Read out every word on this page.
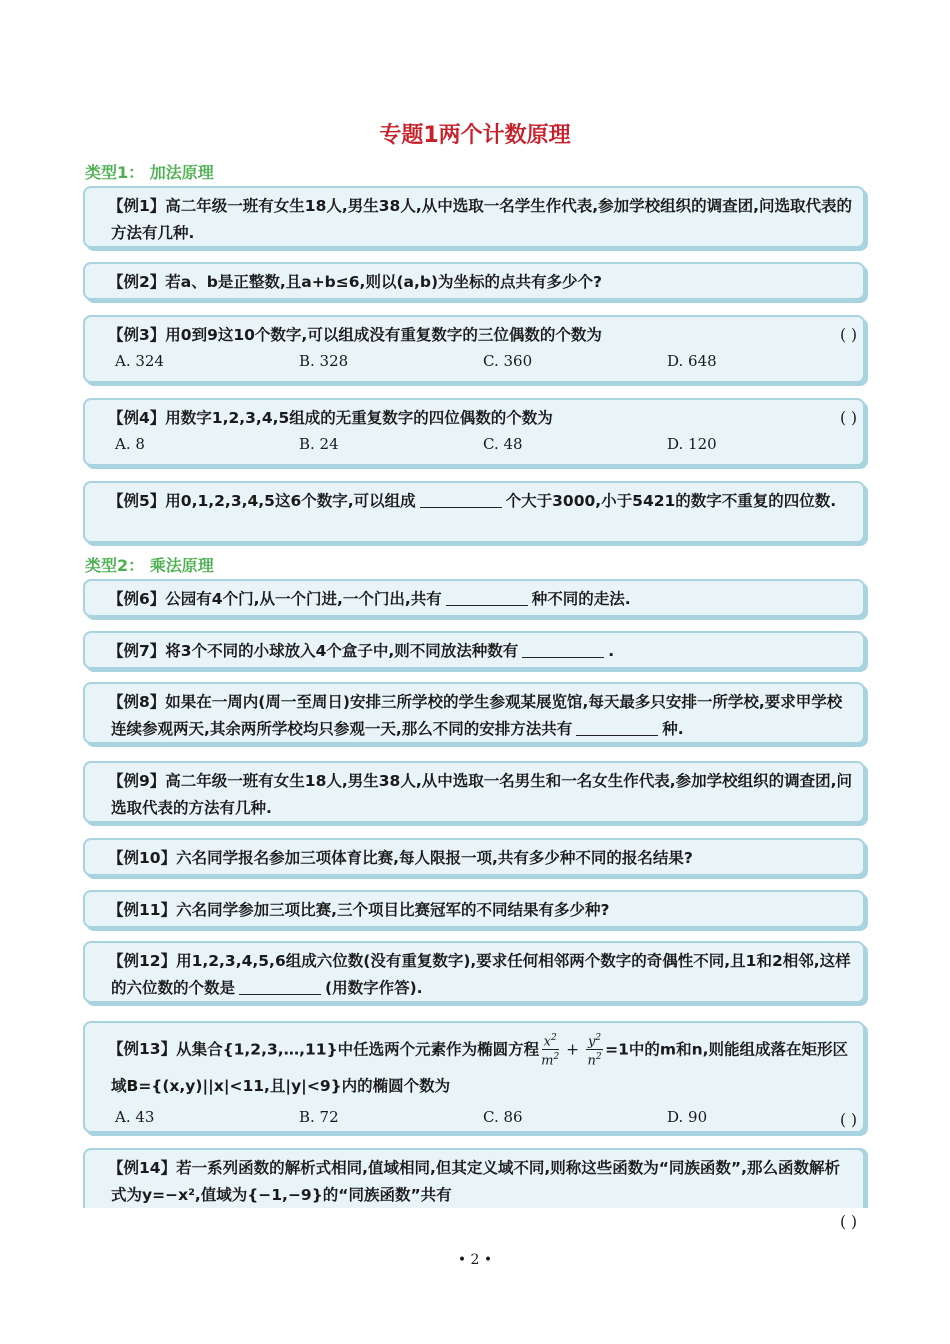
专题1两个计数原理
类型1： 加法原理
【例1】高二年级一班有女生18人,男生38人,从中选取一名学生作代表,参加学校组织的调查团,问选取代表的方法有几种.
【例2】若a、b是正整数,且a+b≤6,则以(a,b)为坐标的点共有多少个?
【例3】用0到9这10个数字,可以组成没有重复数字的三位偶数的个数为	( )
A. 324	B. 328	C. 360	D. 648
【例4】用数字1,2,3,4,5组成的无重复数字的四位偶数的个数为	( )
A. 8	B. 24	C. 48	D. 120
【例5】用0,1,2,3,4,5这6个数字,可以组成	个大于3000,小于5421的数字不重复的四位数.
类型2： 乘法原理
【例6】公园有4个门,从一个门进,一个门出,共有	种不同的走法.
【例7】将3个不同的小球放入4个盒子中,则不同放法种数有	.
【例8】如果在一周内(周一至周日)安排三所学校的学生参观某展览馆,每天最多只安排一所学校,要求甲学校连续参观两天,其余两所学校均只参观一天,那么不同的安排方法共有	种.
【例9】高二年级一班有女生18人,男生38人,从中选取一名男生和一名女生作代表,参加学校组织的调查团,问选取代表的方法有几种.
【例10】六名同学报名参加三项体育比赛,每人限报一项,共有多少种不同的报名结果?
【例11】六名同学参加三项比赛,三个项目比赛冠军的不同结果有多少种?
【例12】用1,2,3,4,5,6组成六位数(没有重复数字),要求任何相邻两个数字的奇偶性不同,且1和2相邻,这样的六位数的个数是	(用数字作答).
【例13】从集合{1,2,3,…,11}中任选两个元素作为椭圆方程 $\frac{x^2}{m^2} + \frac{y^2}{n^2} =1$中的m和n,则能组成落在矩形区域B={(x,y)||x|<11,且|y|<9}内的椭圆个数为
( )
A. 43	B. 72	C. 86	D. 90
【例14】若一系列函数的解析式相同,值域相同,但其定义域不同,则称这些函数为“同族函数”,那么函数解析式为y=−x²,值域为{−1,−9}的“同族函数”共有
( )
• 2 •
